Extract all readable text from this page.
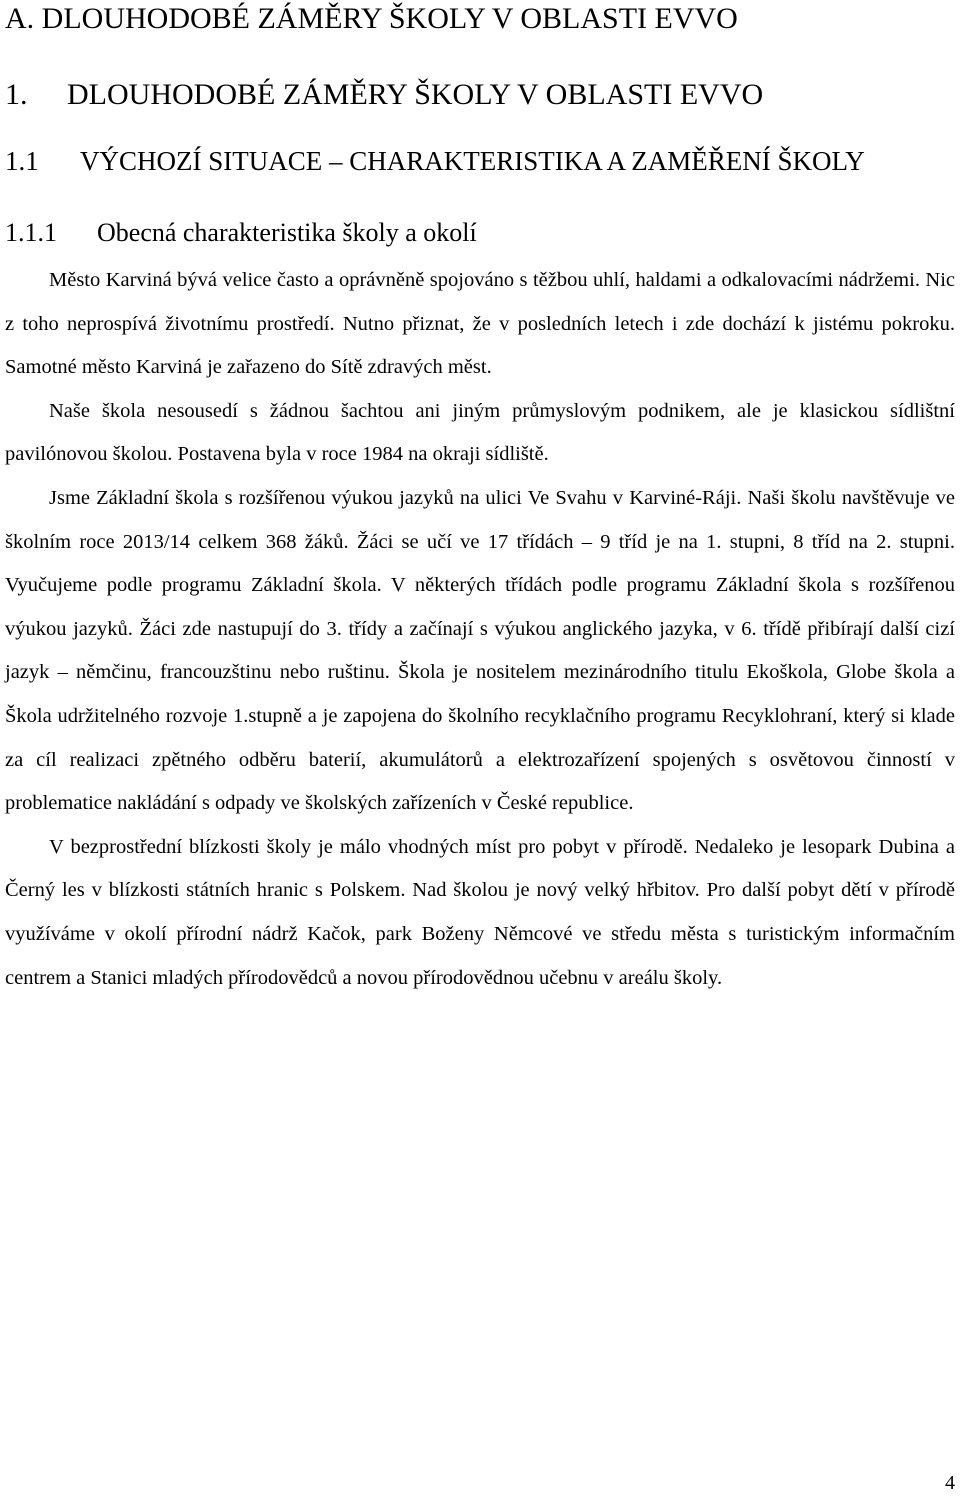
A. DLOUHODOBÉ ZÁMĚRY ŠKOLY V OBLASTI EVVO
1. DLOUHODOBÉ ZÁMĚRY ŠKOLY V OBLASTI EVVO
1.1 VÝCHOZÍ SITUACE – CHARAKTERISTIKA A ZAMĚŘENÍ ŠKOLY
1.1.1 Obecná charakteristika školy a okolí

Město Karviná bývá velice často a oprávněně spojováno s těžbou uhlí, haldami a odkalovacími nádržemi. Nic z toho neprospívá životnímu prostředí. Nutno přiznat, že v posledních letech i zde dochází k jistému pokroku. Samotné město Karviná je zařazeno do Sítě zdravých měst.

Naše škola nesousedí s žádnou šachtou ani jiným průmyslovým podnikem, ale je klasickou sídlištní pavilónovou školou. Postavena byla v roce 1984 na okraji sídliště.

Jsme Základní škola s rozšířenou výukou jazyků na ulici Ve Svahu v Karviné-Ráji. Naši školu navštěvuje ve školním roce 2013/14 celkem 368 žáků. Žáci se učí ve 17 třídách – 9 tříd je na 1. stupni, 8 tříd na 2. stupni. Vyučujeme podle programu Základní škola. V některých třídách podle programu Základní škola s rozšířenou výukou jazyků. Žáci zde nastupují do 3. třídy a začínají s výukou anglického jazyka, v 6. třídě přibírají další cizí jazyk – němčinu, francouzštinu nebo ruštinu. Škola je nositelem mezinárodního titulu Ekoškola, Globe škola a Škola udržitelného rozvoje 1.stupně a je zapojena do školního recyklačního programu Recyklohraní, který si klade za cíl realizaci zpětného odběru baterií, akumulátorů a elektrozařízení spojených s osvětovou činností v problematice nakládání s odpady ve školských zařízeních v České republice.

V bezprostřední blízkosti školy je málo vhodných míst pro pobyt v přírodě. Nedaleko je lesopark Dubina a Černý les v blízkosti státních hranic s Polskem. Nad školou je nový velký hřbitov. Pro další pobyt dětí v přírodě využíváme v okolí přírodní nádrž Kačok, park Boženy Němcové ve středu města s turistickým informačním centrem a Stanici mladých přírodovědců a novou přírodovědnou učebnu v areálu školy.

4
